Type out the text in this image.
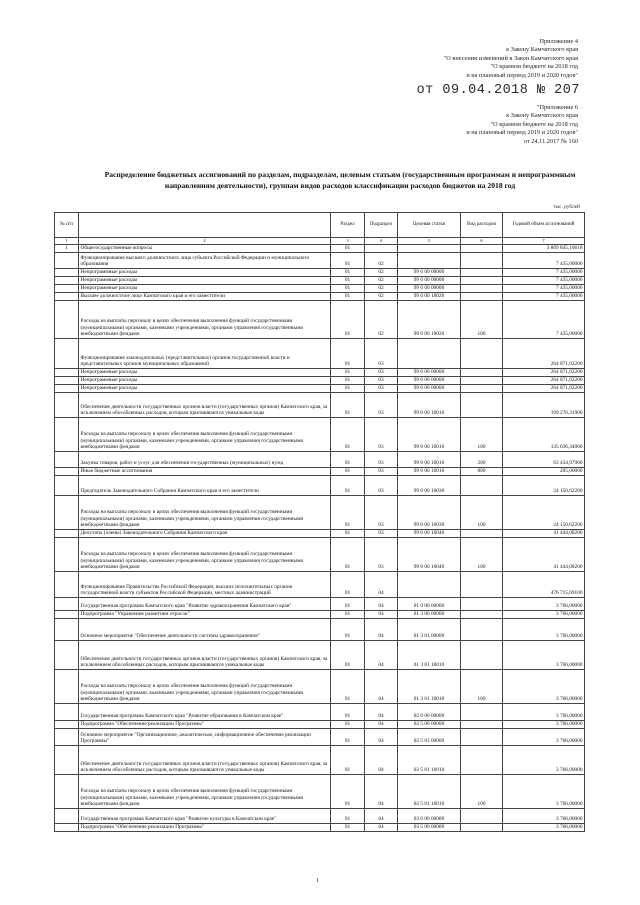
Приложение 4
к Закону Камчатского края
"О внесении изменений в Закон Камчатского края
"О краевом бюджете на 2018 год
и на плановый период 2019 и 2020 годов"
от 09.04.2018 № 207
"Приложение 6
к Закону Камчатского края
"О краевом бюджете на 2018 год
и на плановый период 2019 и 2020 годов"
от 24.11.2017 № 160
Распределение бюджетных ассигнований по разделам, подразделам, целевым статьям (государственным программам и непрограммным направлениям деятельности), группам видов расходов классификации расходов бюджетов на 2018 год
тыс. рублей
№ п/п		Раздел	Подраздел	Целевая статья	Вид расходов	Годовой объем ассигнований
1	2	3	4	5	6	7
1	Общегосударственные вопросы	01				3 869 845,10618
	Функционирование высшего должностного лица субъекта Российской Федерации и муниципального образования	01	02			7 435,00000
	Непрограммные расходы	01	02	99 0 00 00000		7 435,00000
	Непрограммные расходы	01	02	99 0 00 00000		7 435,00000
	Непрограммные расходы	01	02	99 0 00 00000		7 435,00000
	Высшее должностное лицо Камчатского края и его заместители	01	02	99 0 00 10020		7 435,00000
	Расходы на выплаты персоналу в целях обеспечения выполнения функций государственными (муниципальными) органами, казенными учреждениями, органами управления государственными внебюджетными фондами	01	02	99 0 00 10020	100	7 435,00000
	Функционирование законодательных (представительных) органов государственной власти и представительных органов муниципальных образований	01	03			264 871,02200
	Непрограммные расходы	01	03	99 0 00 00000		264 871,02200
	Непрограммные расходы	01	03	99 0 00 00000		264 871,02200
	Непрограммные расходы	01	03	99 0 00 00000		264 871,02200
	Обеспечение деятельности государственных органов власти (государственных органов) Камчатского края, за исключением обособленных расходов, которым присваиваются уникальные коды	01	03	99 0 00 10010		199 276,31900
	Расходы на выплаты персоналу в целях обеспечения выполнения функций государственными (муниципальными) органами, казенными учреждениями, органами управления государственными внебюджетными фондами	01	03	99 0 00 10010	100	135 636,34000
	Закупка товаров, работ и услуг для обеспечения государственных (муниципальных) нужд	01	03	99 0 00 10010	200	63 434,97900
	Иные бюджетные ассигнования	01	03	99 0 00 10010	800	205,00000
	Председатель Законодательного Собрания Камчатского края и его заместители	01	03	99 0 00 10030		24 150,62200
	Расходы на выплаты персоналу в целях обеспечения выполнения функций государственными (муниципальными) органами, казенными учреждениями, органами управления государственными внебюджетными фондами	01	03	99 0 00 10030	100	24 150,62200
	Депутаты (члены) Законодательного Собрания Камчатского края	01	03	99 0 00 10040		41 444,08200
	Расходы на выплаты персоналу в целях обеспечения выполнения функций государственными (муниципальными) органами, казенными учреждениями, органами управления государственными внебюджетными фондами	01	03	99 0 00 10040	100	41 444,08200
	Функционирование Правительства Российской Федерации, высших исполнительных органов государственной власти субъектов Российской Федерации, местных администраций	01	04			476 715,69100
	Государственная программа Камчатского края "Развитие здравоохранения Камчатского края"	01	04	01 0 00 00000		3 766,00000
	Подпрограмма "Управление развитием отрасли"	01	04	01 3 00 00000		3 766,00000
	Основное мероприятие "Обеспечение деятельности системы здравоохранения"	01	04	01 3 01 00000		3 766,00000
	Обеспечение деятельности государственных органов власти (государственных органов) Камчатского края, за исключением обособленных расходов, которым присваиваются уникальные коды	01	04	01 3 01 10010		3 766,00000
	Расходы на выплаты персоналу в целях обеспечения выполнения функций государственными (муниципальными) органами, казенными учреждениями, органами управления государственными внебюджетными фондами	01	04	01 3 01 10010	100	3 766,00000
	Государственная программа Камчатского края "Развитие образования в Камчатском крае"	01	04	02 0 00 00000		3 766,00000
	Подпрограмма "Обеспечение реализации Программы"	01	04	02 5 00 00000		3 766,00000
	Основное мероприятие "Организационное, аналитическое, информационное обеспечение реализации Программы"	01	04	02 5 01 00000		3 766,00000
	Обеспечение деятельности государственных органов власти (государственных органов) Камчатского края, за исключением обособленных расходов, которым присваиваются уникальные коды	01	04	02 5 01 10010		3 766,00000
	Расходы на выплаты персоналу в целях обеспечения выполнения функций государственными (муниципальными) органами, казенными учреждениями, органами управления государственными внебюджетными фондами	01	04	02 5 01 10010	100	3 766,00000
	Государственная программа Камчатского края "Развитие культуры в Камчатском крае"	01	04	03 0 00 00000		3 766,00000
	Подпрограмма "Обеспечение реализации Программы"	01	04	03 5 00 00000		3 766,00000
1
